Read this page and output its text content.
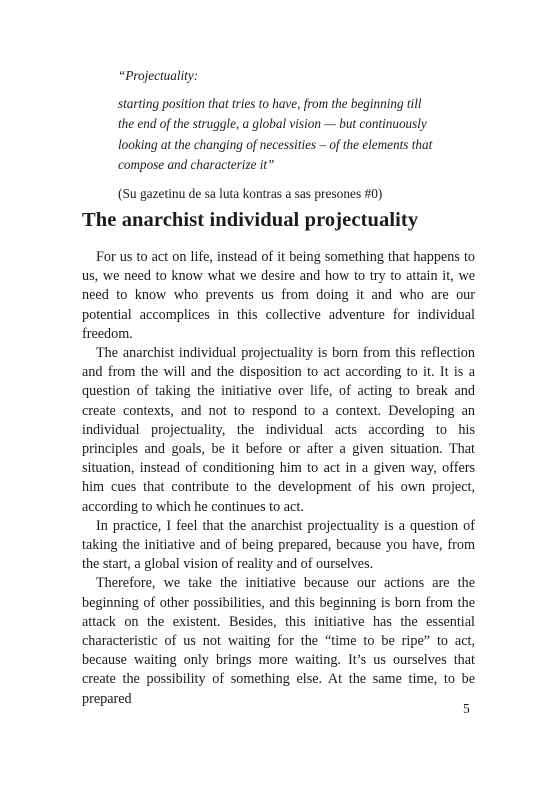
“Projectuality:

starting position that tries to have, from the beginning till the end of the struggle, a global vision — but continuously looking at the changing of necessities – of the elements that compose and characterize it”

(Su gazetinu de sa luta kontras a sas presones #0)

The anarchist individual projectuality

For us to act on life, instead of it being something that happens to us, we need to know what we desire and how to try to attain it, we need to know who prevents us from doing it and who are our potential accomplices in this collective adventure for individual freedom.

The anarchist individual projectuality is born from this reflection and from the will and the disposition to act according to it. It is a question of taking the initiative over life, of acting to break and create contexts, and not to respond to a context. Developing an individual projectuality, the individual acts according to his principles and goals, be it before or after a given situation. That situation, instead of conditioning him to act in a given way, offers him cues that contribute to the development of his own project, according to which he continues to act.

In practice, I feel that the anarchist projectuality is a question of taking the initiative and of being prepared, because you have, from the start, a global vision of reality and of ourselves.

Therefore, we take the initiative because our actions are the beginning of other possibilities, and this beginning is born from the attack on the existent. Besides, this initiative has the essential characteristic of us not waiting for the “time to be ripe” to act, because waiting only brings more waiting. It’s us ourselves that create the possibility of something else. At the same time, to be prepared

5
